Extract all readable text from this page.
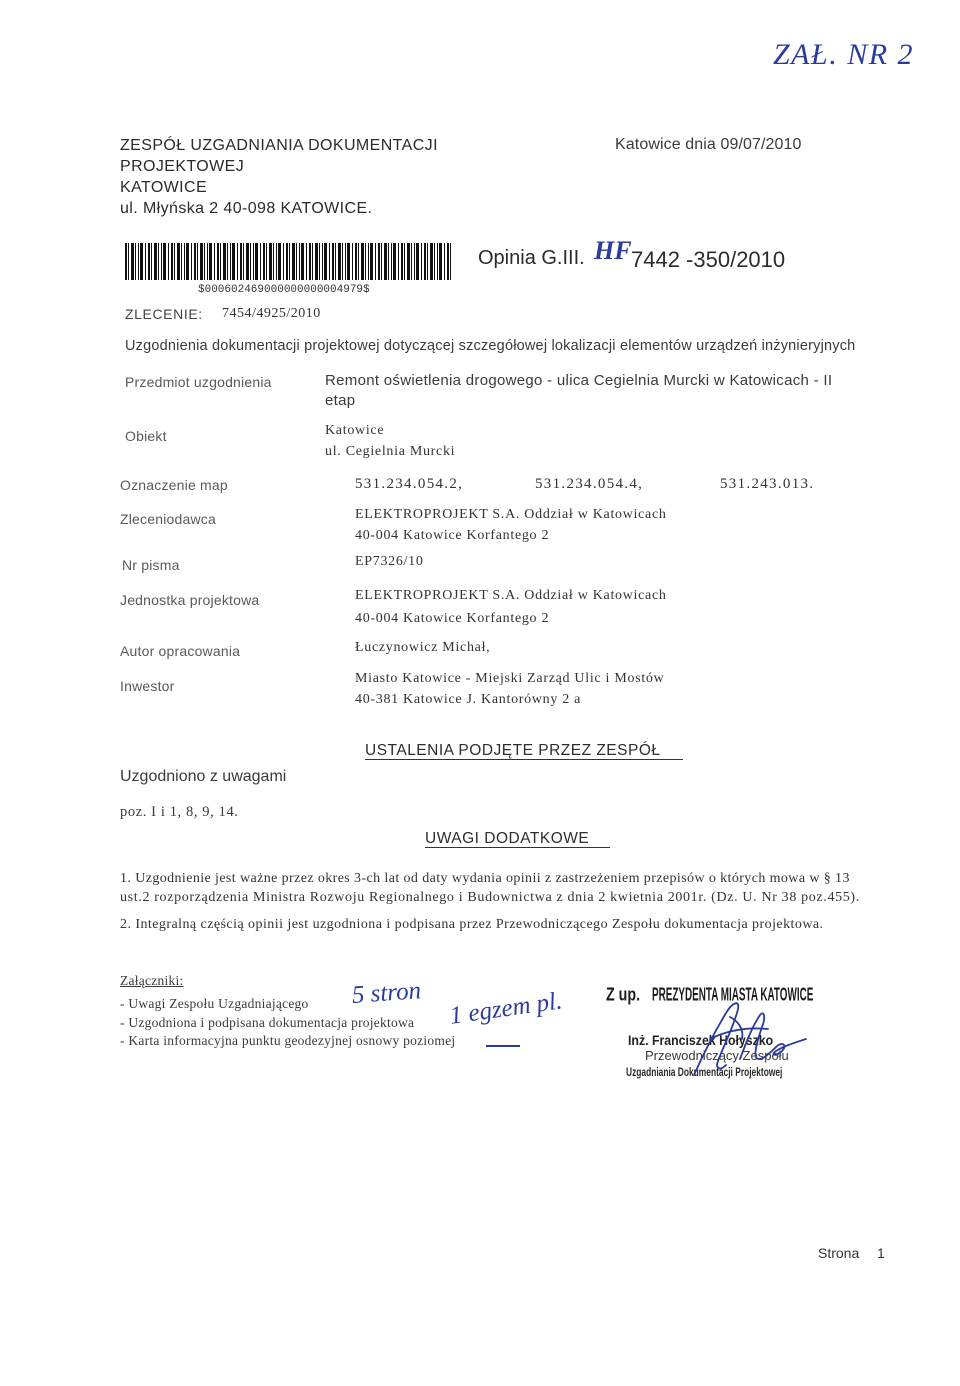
ZAŁ. NR 2
ZESPÓŁ UZGADNIANIA DOKUMENTACJI
PROJEKTOWEJ
KATOWICE
ul. Młyńska 2 40-098 KATOWICE.
Katowice dnia 09/07/2010
$000602469000000000004979$
Opinia G.III. HF 7442 -350/2010
ZLECENIE: 7454/4925/2010
Uzgodnienia dokumentacji projektowej dotyczącej szczegółowej lokalizacji elementów urządzeń inżynieryjnych
Przedmiot uzgodnienia	Remont oświetlenia drogowego - ulica Cegielnia Murcki w Katowicach - II
etap
Obiekt	Katowice
ul. Cegielnia Murcki
Oznaczenie map	531.234.054.2,	531.234.054.4,	531.243.013.
Zleceniodawca	ELEKTROPROJEKT S.A. Oddział w Katowicach
40-004 Katowice Korfantego 2
Nr pisma	EP7326/10
Jednostka projektowa	ELEKTROPROJEKT S.A. Oddział w Katowicach
40-004 Katowice Korfantego 2
Autor opracowania	Łuczynowicz Michał,
Inwestor	Miasto Katowice - Miejski Zarząd Ulic i Mostów
40-381 Katowice J. Kantorówny 2 a
USTALENIA PODJĘTE PRZEZ ZESPÓŁ
Uzgodniono z uwagami
poz. I i 1, 8, 9, 14.
UWAGI DODATKOWE
1. Uzgodnienie jest ważne przez okres 3-ch lat od daty wydania opinii z zastrzeżeniem przepisów o których mowa w § 13
ust.2 rozporządzenia Ministra Rozwoju Regionalnego i Budownictwa z dnia 2 kwietnia 2001r. (Dz. U. Nr 38 poz.455).
2. Integralną częścią opinii jest uzgodniona i podpisana przez Przewodniczącego Zespołu dokumentacja projektowa.
Załączniki:
- Uwagi Zespołu Uzgadniającego
- Uzgodniona i podpisana dokumentacja projektowa
- Karta informacyjna punktu geodezyjnej osnowy poziomej
5 stron 1 egzem pl.	Z up. PREZYDENTA MIASTA KATOWICE
Inż. Franciszek Hołyszko
Przewodniczący Zespołu
Uzgadniania Dokumentacji Projektowej
Strona 1
